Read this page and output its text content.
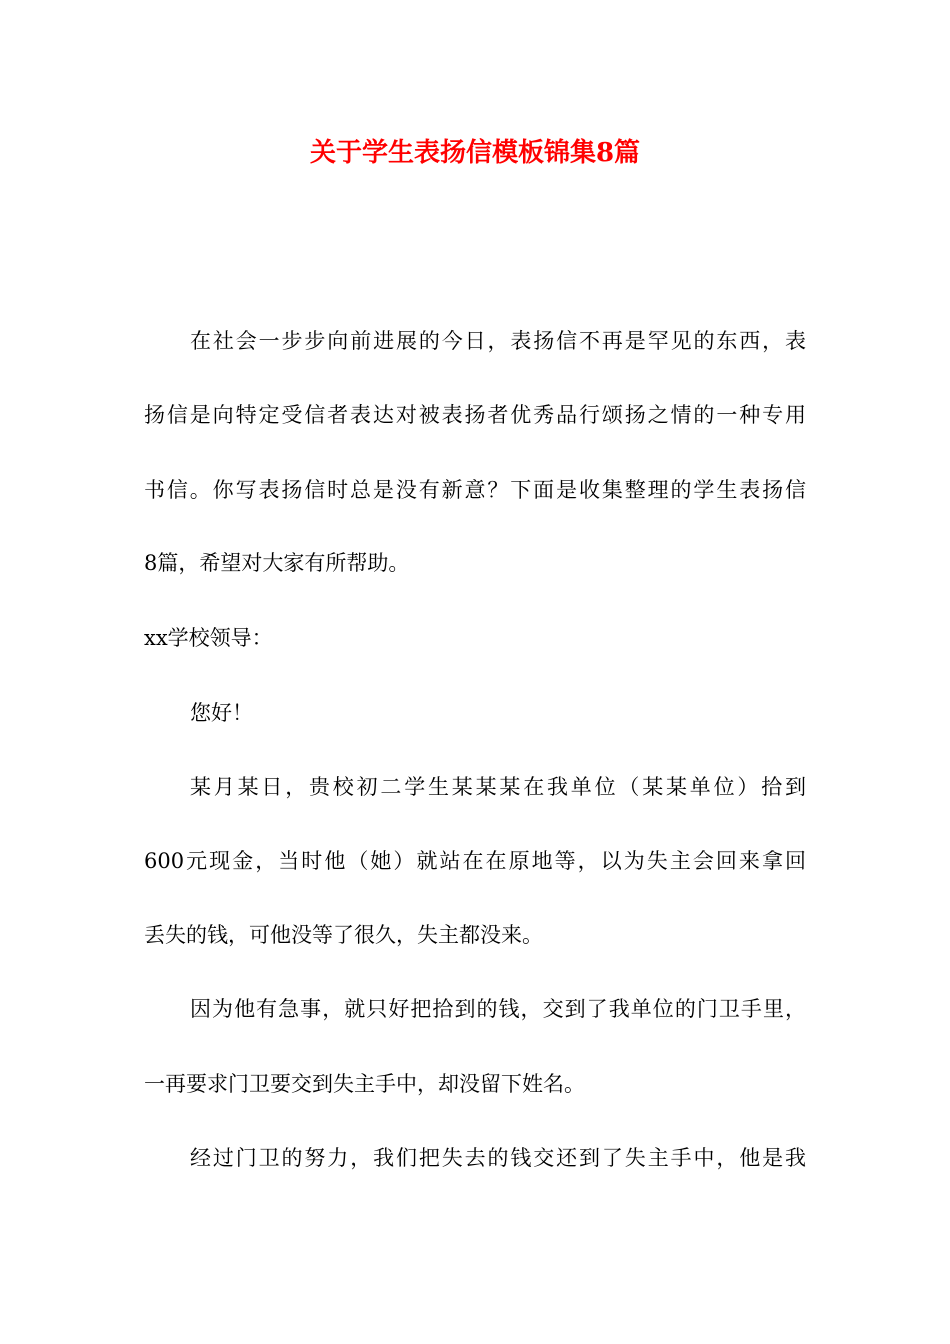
关于学生表扬信模板锦集8篇
在社会一步步向前进展的今日，表扬信不再是罕见的东西，表
扬信是向特定受信者表达对被表扬者优秀品行颂扬之情的一种专用
书信。你写表扬信时总是没有新意？下面是收集整理的学生表扬信
8篇，希望对大家有所帮助。
xx学校领导：
您好！
某月某日，贵校初二学生某某某在我单位（某某单位）拾到
600元现金，当时他（她）就站在在原地等，以为失主会回来拿回
丢失的钱，可他没等了很久，失主都没来。
因为他有急事，就只好把拾到的钱，交到了我单位的门卫手里，
一再要求门卫要交到失主手中，却没留下姓名。
经过门卫的努力，我们把失去的钱交还到了失主手中，他是我
